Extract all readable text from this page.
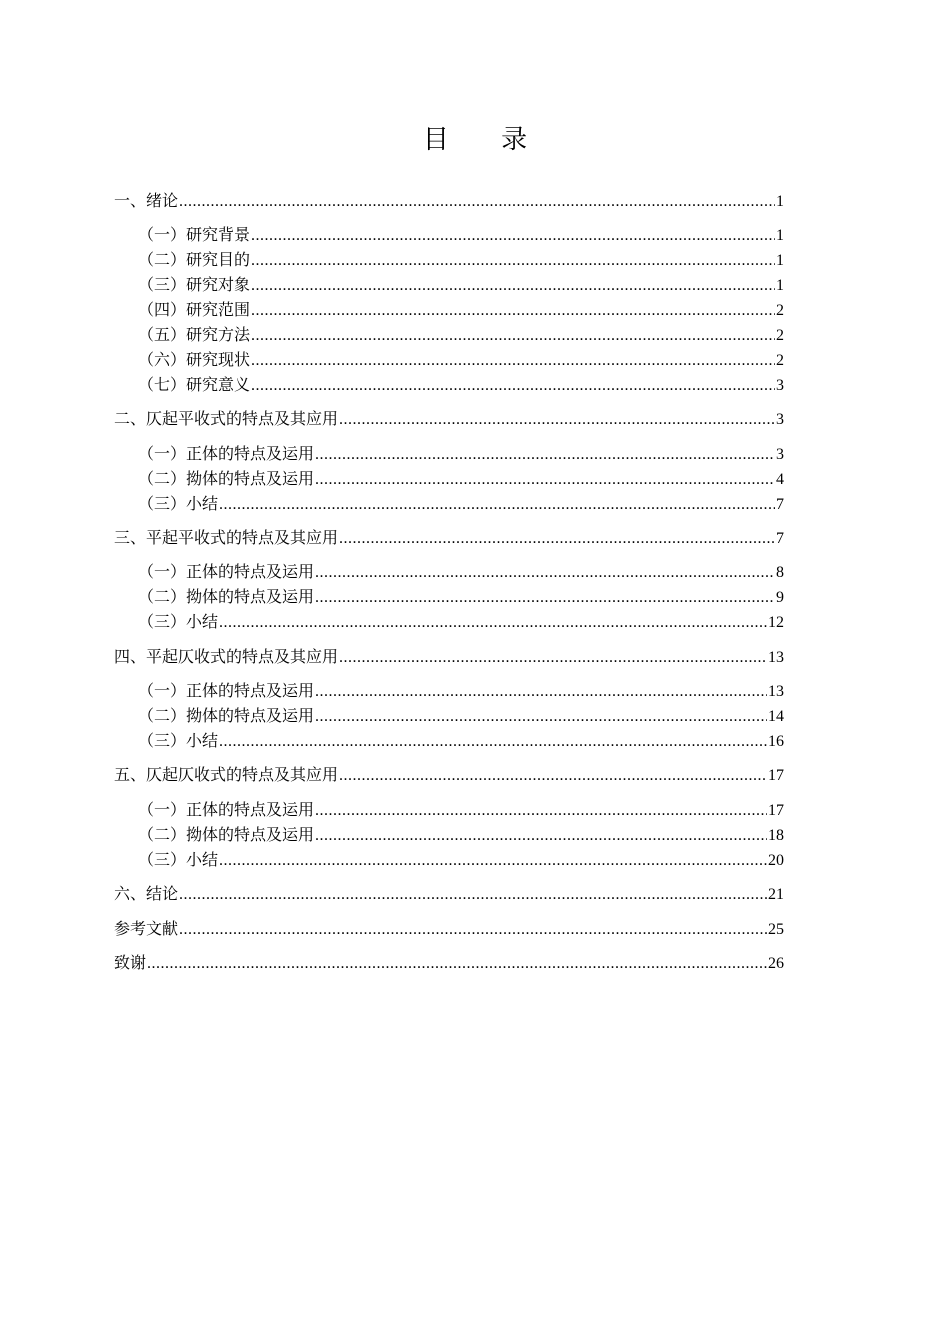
目 录
一、绪论 .....	1
（一）研究背景 .....	1
（二）研究目的 .....	1
（三）研究对象 .....	1
（四）研究范围 .....	2
（五）研究方法 .....	2
（六）研究现状 .....	2
（七）研究意义 .....	3
二、仄起平收式的特点及其应用 .....	3
（一）正体的特点及运用 .....	3
（二）拗体的特点及运用 .....	4
（三）小结 .....	7
三、平起平收式的特点及其应用 .....	7
（一）正体的特点及运用 .....	8
（二）拗体的特点及运用 .....	9
（三）小结 .....	12
四、平起仄收式的特点及其应用 .....	13
（一）正体的特点及运用 .....	13
（二）拗体的特点及运用 .....	14
（三）小结 .....	16
五、仄起仄收式的特点及其应用 .....	17
（一）正体的特点及运用 .....	17
（二）拗体的特点及运用 .....	18
（三）小结 .....	20
六、结论 .....	21
参考文献 .....	25
致谢 .....	26
